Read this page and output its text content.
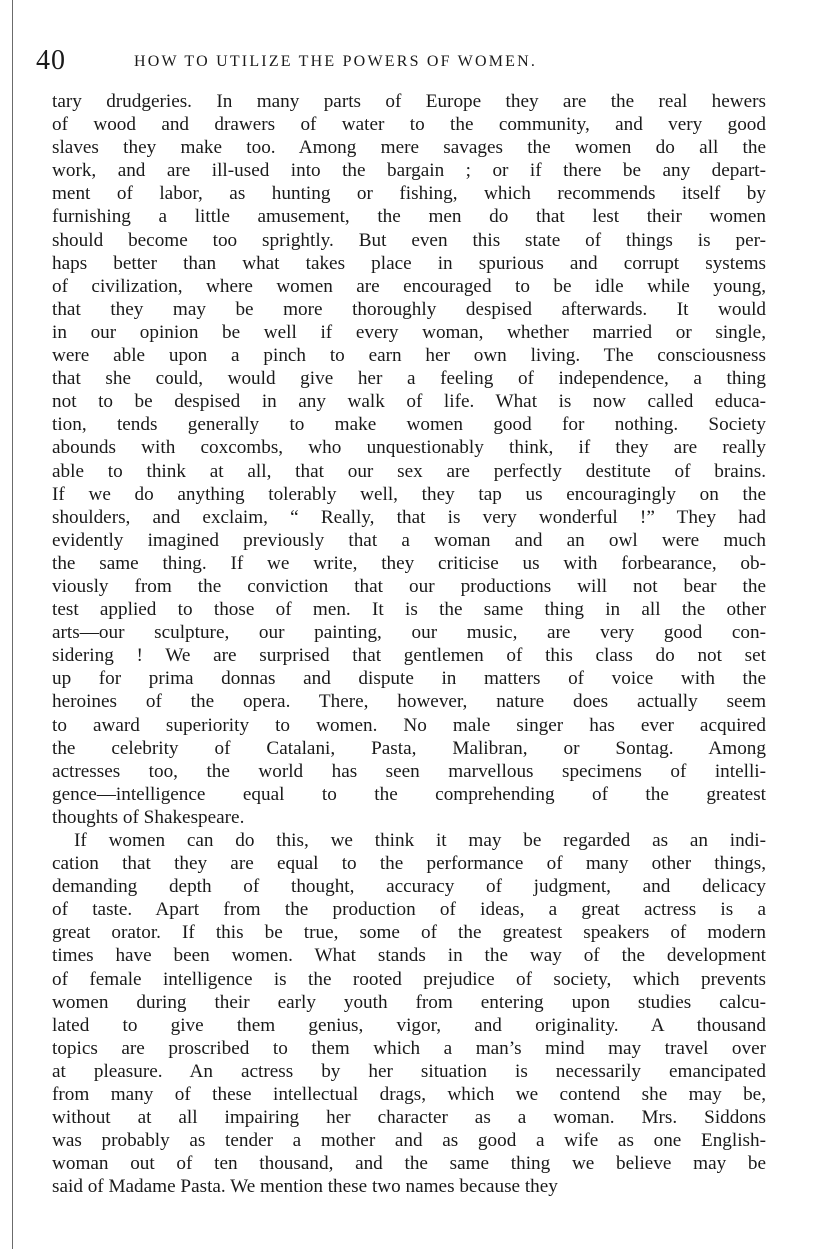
40	HOW TO UTILIZE THE POWERS OF WOMEN.
tary drudgeries. In many parts of Europe they are the real hewers
of wood and drawers of water to the community, and very good
slaves they make too. Among mere savages the women do all the
work, and are ill-used into the bargain ; or if there be any depart-
ment of labor, as hunting or fishing, which recommends itself by
furnishing a little amusement, the men do that lest their women
should become too sprightly. But even this state of things is per-
haps better than what takes place in spurious and corrupt systems
of civilization, where women are encouraged to be idle while young,
that they may be more thoroughly despised afterwards. It would
in our opinion be well if every woman, whether married or single,
were able upon a pinch to earn her own living. The consciousness
that she could, would give her a feeling of independence, a thing
not to be despised in any walk of life. What is now called educa-
tion, tends generally to make women good for nothing. Society
abounds with coxcombs, who unquestionably think, if they are really
able to think at all, that our sex are perfectly destitute of brains.
If we do anything tolerably well, they tap us encouragingly on the
shoulders, and exclaim, “ Really, that is very wonderful !” They had
evidently imagined previously that a woman and an owl were much
the same thing. If we write, they criticise us with forbearance, ob-
viously from the conviction that our productions will not bear the
test applied to those of men. It is the same thing in all the other
arts—our sculpture, our painting, our music, are very good con-
sidering ! We are surprised that gentlemen of this class do not set
up for prima donnas and dispute in matters of voice with the
heroines of the opera. There, however, nature does actually seem
to award superiority to women. No male singer has ever acquired
the celebrity of Catalani, Pasta, Malibran, or Sontag. Among
actresses too, the world has seen marvellous specimens of intelli-
gence—intelligence equal to the comprehending of the greatest
thoughts of Shakespeare.
If women can do this, we think it may be regarded as an indi-
cation that they are equal to the performance of many other things,
demanding depth of thought, accuracy of judgment, and delicacy
of taste. Apart from the production of ideas, a great actress is a
great orator. If this be true, some of the greatest speakers of modern
times have been women. What stands in the way of the development
of female intelligence is the rooted prejudice of society, which prevents
women during their early youth from entering upon studies calcu-
lated to give them genius, vigor, and originality. A thousand
topics are proscribed to them which a man’s mind may travel over
at pleasure. An actress by her situation is necessarily emancipated
from many of these intellectual drags, which we contend she may be,
without at all impairing her character as a woman. Mrs. Siddons
was probably as tender a mother and as good a wife as one English-
woman out of ten thousand, and the same thing we believe may be
said of Madame Pasta. We mention these two names because they
